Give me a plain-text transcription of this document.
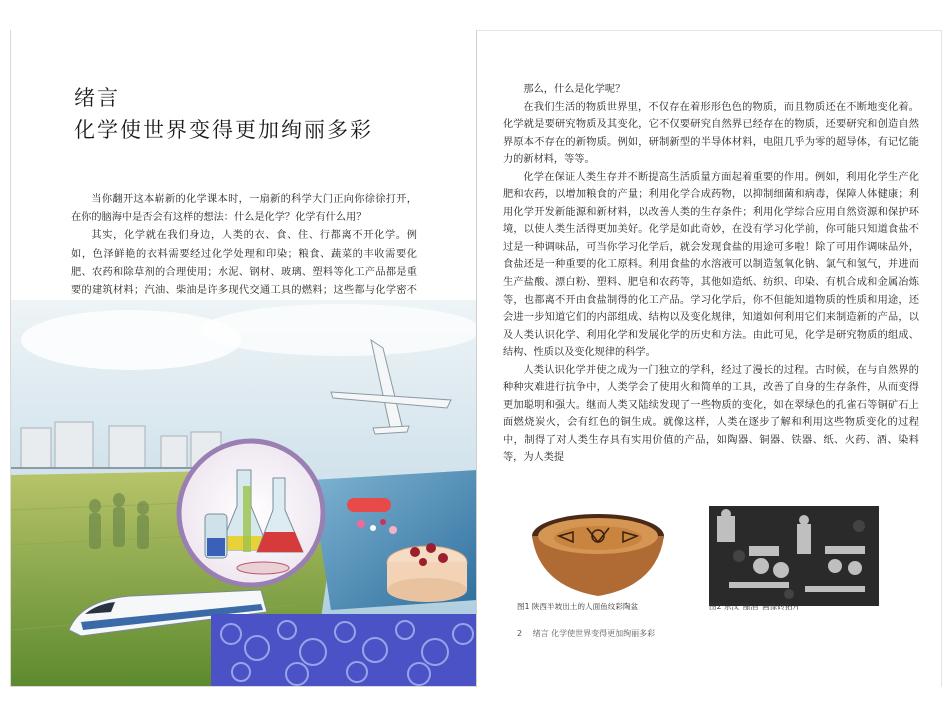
绪言
化学使世界变得更加绚丽多彩

当你翻开这本崭新的化学课本时，一扇新的科学大门正向你徐徐打开，在你的脑海中是否会有这样的想法：什么是化学？化学有什么用？

其实，化学就在我们身边，人类的衣、食、住、行都离不开化学。例如，色泽鲜艳的衣料需要经过化学处理和印染；粮食、蔬菜的丰收需要化肥、农药和除草剂的合理使用；水泥、钢材、玻璃、塑料等化工产品都是重要的建筑材料；汽油、柴油是许多现代交通工具的燃料；这些都与化学密不

那么，什么是化学呢？

在我们生活的物质世界里，不仅存在着形形色色的物质，而且物质还在不断地变化着。化学就是要研究物质及其变化，它不仅要研究自然界已经存在的物质，还要研究和创造自然界原本不存在的新物质。例如，研制新型的半导体材料，电阻几乎为零的超导体，有记忆能力的新材料，等等。

化学在保证人类生存并不断提高生活质量方面起着重要的作用。例如，利用化学生产化肥和农药，以增加粮食的产量；利用化学合成药物，以抑制细菌和病毒，保障人体健康；利用化学开发新能源和新材料，以改善人类的生存条件；利用化学综合应用自然资源和保护环境，以使人类生活得更加美好。化学是如此奇妙，在没有学习化学前，你可能只知道食盐不过是一种调味品，可当你学习化学后，就会发现食盐的用途可多啦！除了可用作调味品外，食盐还是一种重要的化工原料。利用食盐的水溶液可以制造氢氧化钠、氯气和氢气，并进而生产盐酸、漂白粉、塑料、肥皂和农药等，其他如造纸、纺织、印染、有机合成和金属冶炼等，也都离不开由食盐制得的化工产品。学习化学后，你不但能知道物质的性质和用途，还会进一步知道它们的内部组成、结构以及变化规律，知道如何利用它们来制造新的产品，以及人类认识化学、利用化学和发展化学的历史和方法。由此可见，化学是研究物质的组成、结构、性质以及变化规律的科学。

人类认识化学并使之成为一门独立的学科，经过了漫长的过程。古时候，在与自然界的种种灾难进行抗争中，人类学会了使用火和简单的工具，改善了自身的生存条件，从而变得更加聪明和强大。继而人类又陆续发现了一些物质的变化，如在翠绿色的孔雀石等铜矿石上面燃烧炭火，会有红色的铜生成。就像这样，人类在逐步了解和利用这些物质变化的过程中，制得了对人类生存具有实用价值的产品，如陶器、铜器、铁器、纸、火药、酒、染料等，为人类提

图1 陕西半坡出土的人面鱼纹彩陶盆	图2 东汉“酿酒”画像砖拓片
2 绪言 化学使世界变得更加绚丽多彩
